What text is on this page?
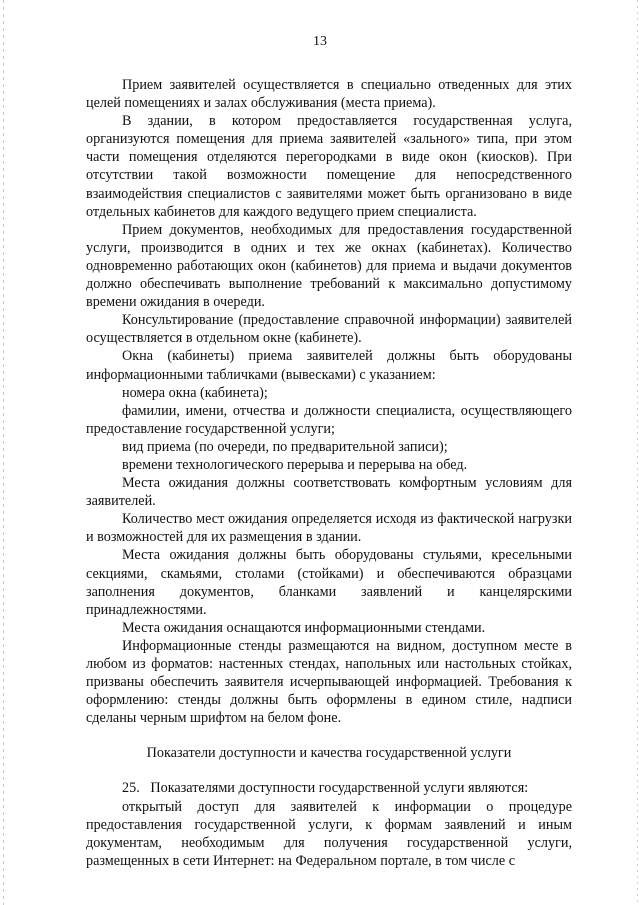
13

Прием заявителей осуществляется в специально отведенных для этих целей помещениях и залах обслуживания (места приема).

В здании, в котором предоставляется государственная услуга, организуются помещения для приема заявителей «зального» типа, при этом части помещения отделяются перегородками в виде окон (киосков). При отсутствии такой возможности помещение для непосредственного взаимодействия специалистов с заявителями может быть организовано в виде отдельных кабинетов для каждого ведущего прием специалиста.

Прием документов, необходимых для предоставления государственной услуги, производится в одних и тех же окнах (кабинетах). Количество одновременно работающих окон (кабинетов) для приема и выдачи документов должно обеспечивать выполнение требований к максимально допустимому времени ожидания в очереди.

Консультирование (предоставление справочной информации) заявителей осуществляется в отдельном окне (кабинете).

Окна (кабинеты) приема заявителей должны быть оборудованы информационными табличками (вывесками) с указанием:

номера окна (кабинета);

фамилии, имени, отчества и должности специалиста, осуществляющего предоставление государственной услуги;

вид приема (по очереди, по предварительной записи);

времени технологического перерыва и перерыва на обед.

Места ожидания должны соответствовать комфортным условиям для заявителей.

Количество мест ожидания определяется исходя из фактической нагрузки и возможностей для их размещения в здании.

Места ожидания должны быть оборудованы стульями, кресельными секциями, скамьями, столами (стойками) и обеспечиваются образцами заполнения документов, бланками заявлений и канцелярскими принадлежностями.

Места ожидания оснащаются информационными стендами.

Информационные стенды размещаются на видном, доступном месте в любом из форматов: настенных стендах, напольных или настольных стойках, призваны обеспечить заявителя исчерпывающей информацией. Требования к оформлению: стенды должны быть оформлены в едином стиле, надписи сделаны черным шрифтом на белом фоне.

Показатели доступности и качества государственной услуги

25.   Показателями доступности государственной услуги являются:

открытый доступ для заявителей к информации о процедуре предоставления государственной услуги, к формам заявлений и иным документам, необходимым для получения государственной услуги, размещенных в сети Интернет: на Федеральном портале, в том числе с
